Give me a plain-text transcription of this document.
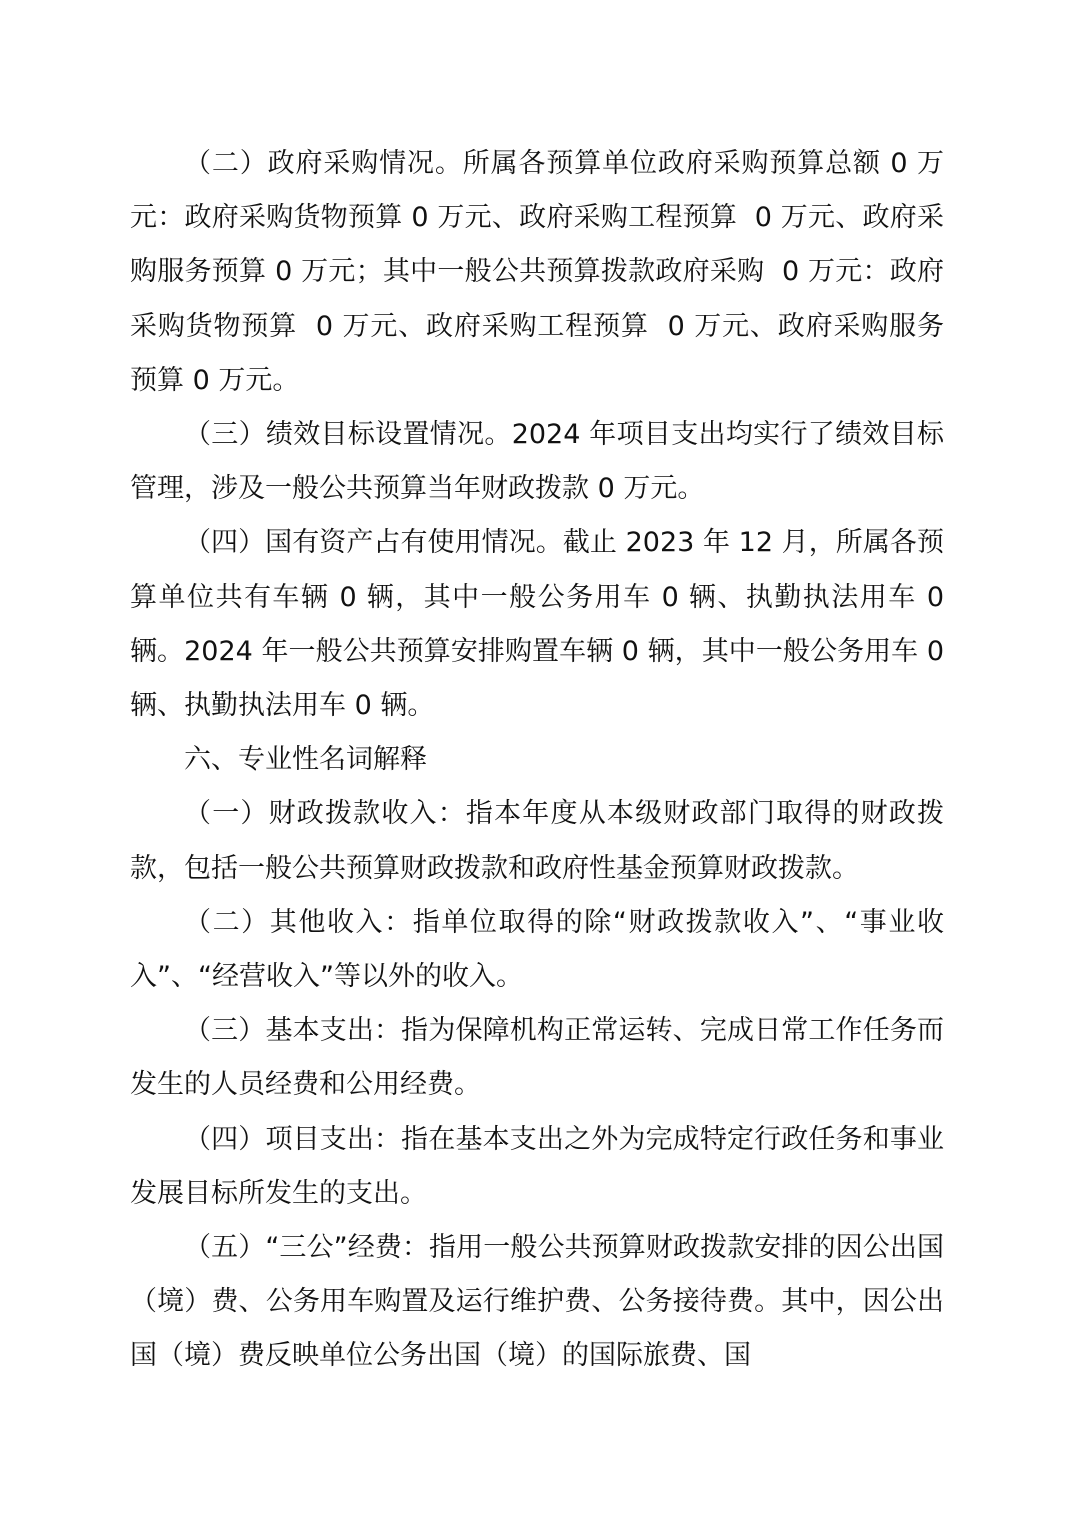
（二）政府采购情况。所属各预算单位政府采购预算总额 0 万元：政府采购货物预算 0 万元、政府采购工程预算  0 万元、政府采购服务预算 0 万元；其中一般公共预算拨款政府采购  0 万元：政府采购货物预算  0 万元、政府采购工程预算  0 万元、政府采购服务预算 0 万元。

（三）绩效目标设置情况。2024 年项目支出均实行了绩效目标管理，涉及一般公共预算当年财政拨款 0 万元。

（四）国有资产占有使用情况。截止 2023 年 12 月，所属各预算单位共有车辆 0 辆，其中一般公务用车 0 辆、执勤执法用车 0 辆。2024 年一般公共预算安排购置车辆 0 辆，其中一般公务用车 0 辆、执勤执法用车 0 辆。

六、专业性名词解释

（一）财政拨款收入：指本年度从本级财政部门取得的财政拨款，包括一般公共预算财政拨款和政府性基金预算财政拨款。

（二）其他收入：指单位取得的除“财政拨款收入”、“事业收入”、“经营收入”等以外的收入。

（三）基本支出：指为保障机构正常运转、完成日常工作任务而发生的人员经费和公用经费。

（四）项目支出：指在基本支出之外为完成特定行政任务和事业发展目标所发生的支出。

（五）“三公”经费：指用一般公共预算财政拨款安排的因公出国（境）费、公务用车购置及运行维护费、公务接待费。其中，因公出国（境）费反映单位公务出国（境）的国际旅费、国
